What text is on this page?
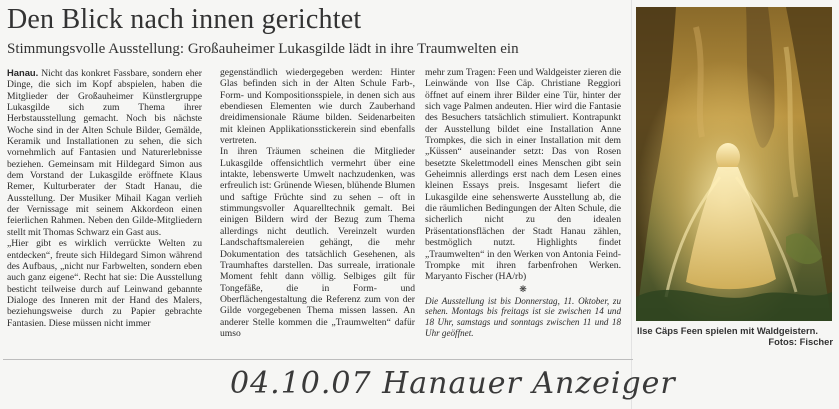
Den Blick nach innen gerichtet
Stimmungsvolle Ausstellung: Großauheimer Lukasgilde lädt in ihre Traumwelten ein

Hanau. Nicht das konkret Fassbare, sondern eher Dinge, die sich im Kopf abspielen, haben die Mitglieder der Großauheimer Künstlergruppe Lukasgilde sich zum Thema ihrer Herbstausstellung gemacht. Noch bis nächste Woche sind in der Alten Schule Bilder, Gemälde, Keramik und Installationen zu sehen, die sich vornehmlich auf Fantasien und Naturerlebnisse beziehen. Gemeinsam mit Hildegard Simon aus dem Vorstand der Lukasgilde eröffnete Klaus Remer, Kulturberater der Stadt Hanau, die Ausstellung. Der Musiker Mihail Kagan verlieh der Vernissage mit seinem Akkordeon einen feierlichen Rahmen. Neben den Gilde-Mitgliedern stellt mit Thomas Schwarz ein Gast aus.

„Hier gibt es wirklich verrückte Welten zu entdecken“, freute sich Hildegard Simon während des Aufbaus, „nicht nur Farbwelten, sondern eben auch ganz eigene“. Recht hat sie: Die Ausstellung besticht teilweise durch auf Leinwand gebannte Dialoge des Inneren mit der Hand des Malers, beziehungsweise durch zu Papier gebrachte Fantasien. Diese müssen nicht immer

gegenständlich wiedergegeben werden: Hinter Glas befinden sich in der Alten Schule Farb-, Form- und Kompositionsspiele, in denen sich aus ebendiesen Elementen wie durch Zauberhand dreidimensionale Räume bilden. Seidenarbeiten mit kleinen Applikationsstickerein sind ebenfalls vertreten.

In ihren Träumen scheinen die Mitglieder Lukasgilde offensichtlich vermehrt über eine intakte, lebenswerte Umwelt nachzudenken, was erfreulich ist: Grünende Wiesen, blühende Blumen und saftige Früchte sind zu sehen – oft in stimmungsvoller Aquarelltechnik gemalt. Bei einigen Bildern wird der Bezug zum Thema allerdings nicht deutlich. Vereinzelt wurden Landschaftsmalereien gehängt, die mehr Dokumentation des tatsächlich Gesehenen, als Traumhaftes darstellen. Das surreale, irrationale Moment fehlt dann völlig. Selbiges gilt für Tongefäße, die in Form- und Oberflächengestaltung die Referenz zum von der Gilde vorgegebenen Thema missen lassen. An anderer Stelle kommen die „Traumwelten“ dafür umso

mehr zum Tragen: Feen und Waldgeister zieren die Leinwände von Ilse Cäp. Christiane Reggiori öffnet auf einem ihrer Bilder eine Tür, hinter der sich vage Palmen andeuten. Hier wird die Fantasie des Besuchers tatsächlich stimuliert. Kontrapunkt der Ausstellung bildet eine Installation Anne Trompkes, die sich in einer Installation mit dem „Küssen“ auseinander setzt: Das von Rosen besetzte Skelettmodell eines Menschen gibt sein Geheimnis allerdings erst nach dem Lesen eines kleinen Essays preis. Insgesamt liefert die Lukasgilde eine sehenswerte Ausstellung ab, die die räumlichen Bedingungen der Alten Schule, die sicherlich nicht zu den idealen Präsentationsflächen der Stadt Hanau zählen, bestmöglich nutzt. Highlights findet „Traumwelten“ in den Werken von Antonia Feind-Trompke mit ihren farbenfrohen Werken. Maryanto Fischer (HA/rb)

❋

Die Ausstellung ist bis Donnerstag, 11. Oktober, zu sehen. Montags bis freitags ist sie zwischen 14 und 18 Uhr, samstags und sonntags zwischen 11 und 18 Uhr geöffnet.	Ilse Cäps Feen spielen mit Waldgeistern.
Fotos: Fischer
04.10.07 Hanauer Anzeiger
